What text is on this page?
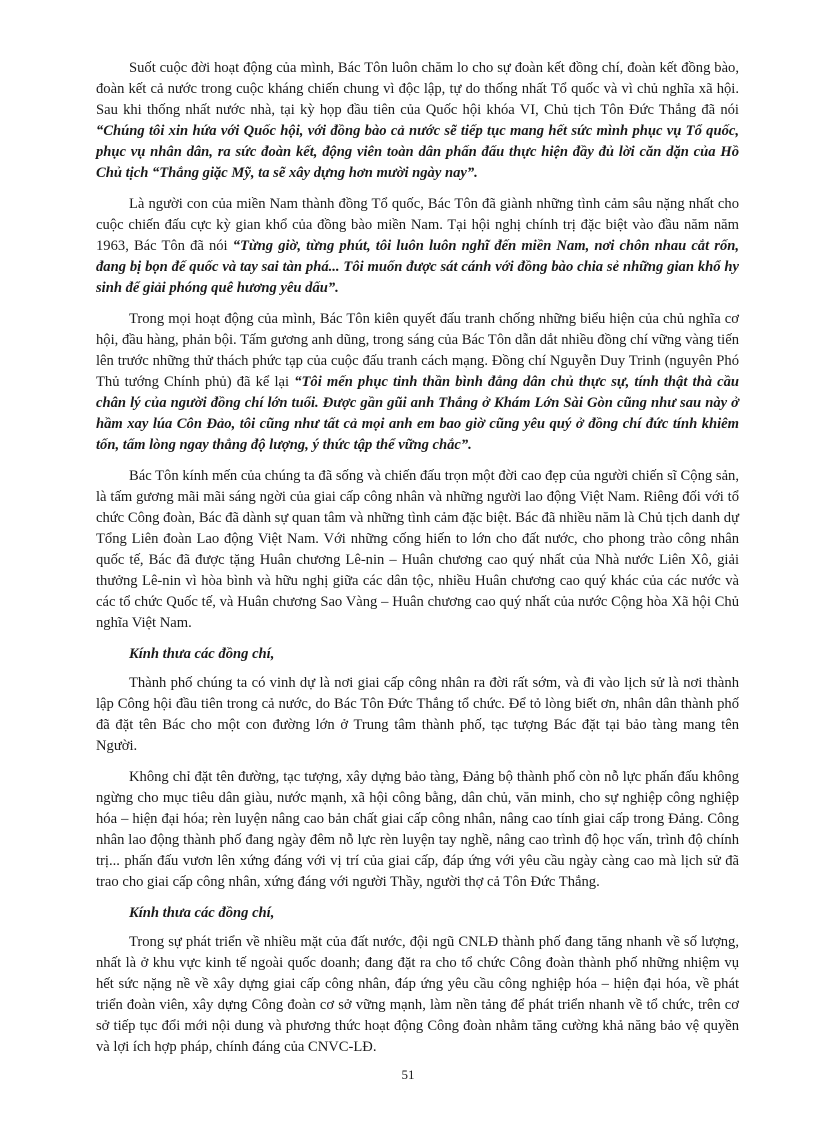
Suốt cuộc đời hoạt động của mình, Bác Tôn luôn chăm lo cho sự đoàn kết đồng chí, đoàn kết đồng bào, đoàn kết cả nước trong cuộc kháng chiến chung vì độc lập, tự do thống nhất Tổ quốc và vì chủ nghĩa xã hội. Sau khi thống nhất nước nhà, tại kỳ họp đầu tiên của Quốc hội khóa VI, Chủ tịch Tôn Đức Thắng đã nói “Chúng tôi xin hứa với Quốc hội, với đồng bào cả nước sẽ tiếp tục mang hết sức mình phục vụ Tổ quốc, phục vụ nhân dân, ra sức đoàn kết, động viên toàn dân phấn đấu thực hiện đầy đủ lời căn dặn của Hồ Chủ tịch “Thắng giặc Mỹ, ta sẽ xây dựng hơn mười ngày nay”.

Là người con của miền Nam thành đồng Tổ quốc, Bác Tôn đã giành những tình cảm sâu nặng nhất cho cuộc chiến đấu cực kỳ gian khổ của đồng bào miền Nam. Tại hội nghị chính trị đặc biệt vào đầu năm năm 1963, Bác Tôn đã nói “Từng giờ, từng phút, tôi luôn luôn nghĩ đến miền Nam, nơi chôn nhau cắt rốn, đang bị bọn đế quốc và tay sai tàn phá... Tôi muốn được sát cánh với đồng bào chia sẻ những gian khổ hy sinh để giải phóng quê hương yêu dấu”.

Trong mọi hoạt động của mình, Bác Tôn kiên quyết đấu tranh chống những biểu hiện của chủ nghĩa cơ hội, đầu hàng, phản bội. Tấm gương anh dũng, trong sáng của Bác Tôn dẫn dắt nhiều đồng chí vững vàng tiến lên trước những thử thách phức tạp của cuộc đấu tranh cách mạng. Đồng chí Nguyễn Duy Trinh (nguyên Phó Thủ tướng Chính phủ) đã kể lại “Tôi mến phục tinh thần bình đẳng dân chủ thực sự, tính thật thà cầu chân lý của người đồng chí lớn tuổi. Được gần gũi anh Thắng ở Khám Lớn Sài Gòn cũng như sau này ở hầm xay lúa Côn Đảo, tôi cũng như tất cả mọi anh em bao giờ cũng yêu quý ở đồng chí đức tính khiêm tốn, tấm lòng ngay thẳng độ lượng, ý thức tập thể vững chắc”.

Bác Tôn kính mến của chúng ta đã sống và chiến đấu trọn một đời cao đẹp của người chiến sĩ Cộng sản, là tấm gương mãi mãi sáng ngời của giai cấp công nhân và những người lao động Việt Nam. Riêng đối với tổ chức Công đoàn, Bác đã dành sự quan tâm và những tình cảm đặc biệt. Bác đã nhiều năm là Chủ tịch danh dự Tổng Liên đoàn Lao động Việt Nam. Với những cống hiến to lớn cho đất nước, cho phong trào công nhân quốc tế, Bác đã được tặng Huân chương Lê-nin – Huân chương cao quý nhất của Nhà nước Liên Xô, giải thưởng Lê-nin vì hòa bình và hữu nghị giữa các dân tộc, nhiều Huân chương cao quý khác của các nước và các tổ chức Quốc tế, và Huân chương Sao Vàng – Huân chương cao quý nhất của nước Cộng hòa Xã hội Chủ nghĩa Việt Nam.

Kính thưa các đồng chí,

Thành phố chúng ta có vinh dự là nơi giai cấp công nhân ra đời rất sớm, và đi vào lịch sử là nơi thành lập Công hội đầu tiên trong cả nước, do Bác Tôn Đức Thắng tổ chức. Để tỏ lòng biết ơn, nhân dân thành phố đã đặt tên Bác cho một con đường lớn ở Trung tâm thành phố, tạc tượng Bác đặt tại bảo tàng mang tên Người.

Không chỉ đặt tên đường, tạc tượng, xây dựng bảo tàng, Đảng bộ thành phố còn nỗ lực phấn đấu không ngừng cho mục tiêu dân giàu, nước mạnh, xã hội công bằng, dân chủ, văn minh, cho sự nghiệp công nghiệp hóa – hiện đại hóa; rèn luyện nâng cao bản chất giai cấp công nhân, nâng cao tính giai cấp trong Đảng. Công nhân lao động thành phố đang ngày đêm nỗ lực rèn luyện tay nghề, nâng cao trình độ học vấn, trình độ chính trị... phấn đấu vươn lên xứng đáng với vị trí của giai cấp, đáp ứng với yêu cầu ngày càng cao mà lịch sử đã trao cho giai cấp công nhân, xứng đáng với người Thầy, người thợ cả Tôn Đức Thắng.

Kính thưa các đồng chí,

Trong sự phát triển về nhiều mặt của đất nước, đội ngũ CNLĐ thành phố đang tăng nhanh về số lượng, nhất là ở khu vực kinh tế ngoài quốc doanh; đang đặt ra cho tổ chức Công đoàn thành phố những nhiệm vụ hết sức nặng nề về xây dựng giai cấp công nhân, đáp ứng yêu cầu công nghiệp hóa – hiện đại hóa, về phát triển đoàn viên, xây dựng Công đoàn cơ sở vững mạnh, làm nền tảng để phát triển nhanh về tổ chức, trên cơ sở tiếp tục đổi mới nội dung và phương thức hoạt động Công đoàn nhằm tăng cường khả năng bảo vệ quyền và lợi ích hợp pháp, chính đáng của CNVC-LĐ.

51
